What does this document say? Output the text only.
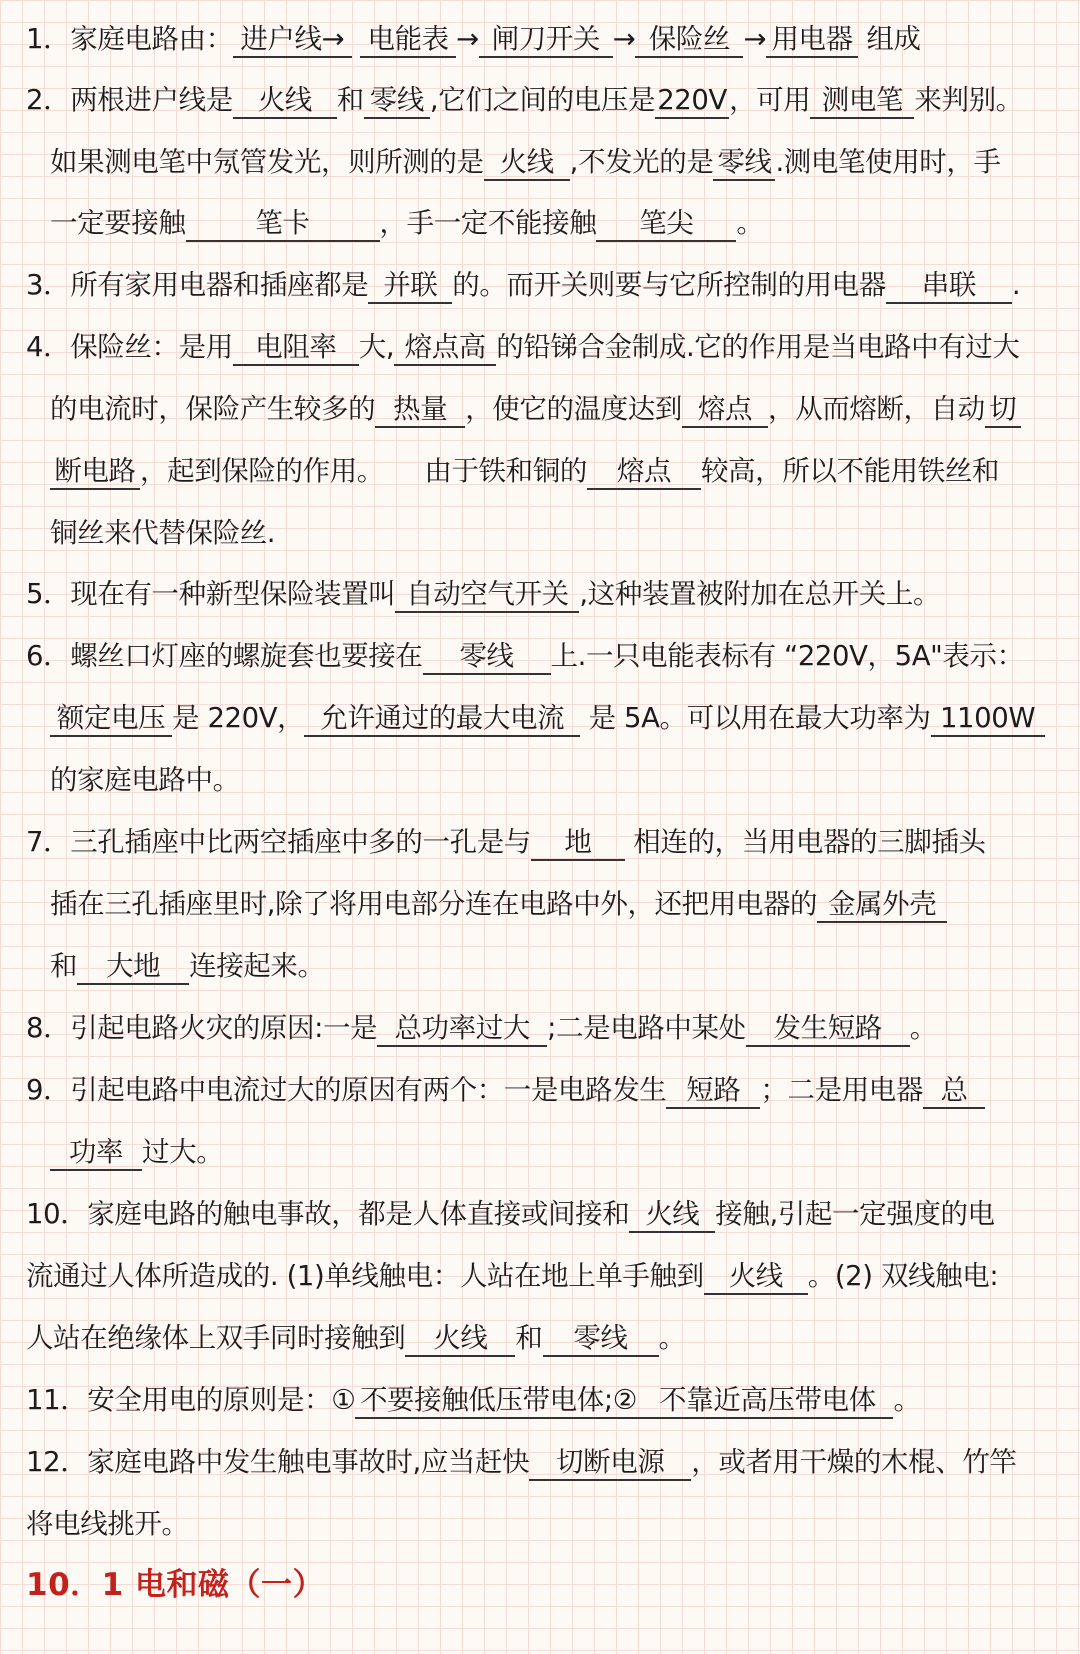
1．家庭电路由： 进户线→ 电能表 → 闸刀开关 → 保险丝 → 用电器 组成
2．两根进户线是 火线 和 零线 ,它们之间的电压是220V，可用 测电笔 来判别。
如果测电笔中氖管发光，则所测的是 火线 ,不发光的是 零线 .测电笔使用时，手
一定要接触	笔卡	，手一定不能接触 笔尖 。
3．所有家用电器和插座都是 并联 的。而开关则要与它所控制的用电器 串联 .
4．保险丝：是用 电阻率 大, 熔点高 的铅锑合金制成.它的作用是当电路中有过大
的电流时，保险产生较多的 热量 ，使它的温度达到 熔点 ，从而熔断，自动 切
断电路 ，起到保险的作用。　　由于铁和铜的 熔点 较高，所以不能用铁丝和
铜丝来代替保险丝.
5．现在有一种新型保险装置叫 自动空气开关 ,这种装置被附加在总开关上。
6．螺丝口灯座的螺旋套也要接在 零线 上.一只电能表标有 “220V，5A"表示：
额定电压 是 220V， 允许通过的最大电流 是 5A。可以用在最大功率为 1100W
的家庭电路中。
7．三孔插座中比两空插座中多的一孔是与 地 相连的，当用电器的三脚插头
插在三孔插座里时,除了将用电部分连在电路中外，还把用电器的 金属外壳
和 大地 连接起来。
8．引起电路火灾的原因:一是 总功率过大 ;二是电路中某处 发生短路 。
9．引起电路中电流过大的原因有两个：一是电路发生 短路 ；二是用电器 总
功率 过大。
10．家庭电路的触电事故，都是人体直接或间接和 火线 接触,引起一定强度的电
流通过人体所造成的. (1)单线触电：人站在地上单手触到 火线 。(2) 双线触电:
人站在绝缘体上双手同时接触到 火线 和 零线 。
11．安全用电的原则是：① 不要接触低压带电体;② 不靠近高压带电体 。
12．家庭电路中发生触电事故时,应当赶快 切断电源 ，或者用干燥的木棍、竹竿
将电线挑开。
10．1 电和磁（一）
